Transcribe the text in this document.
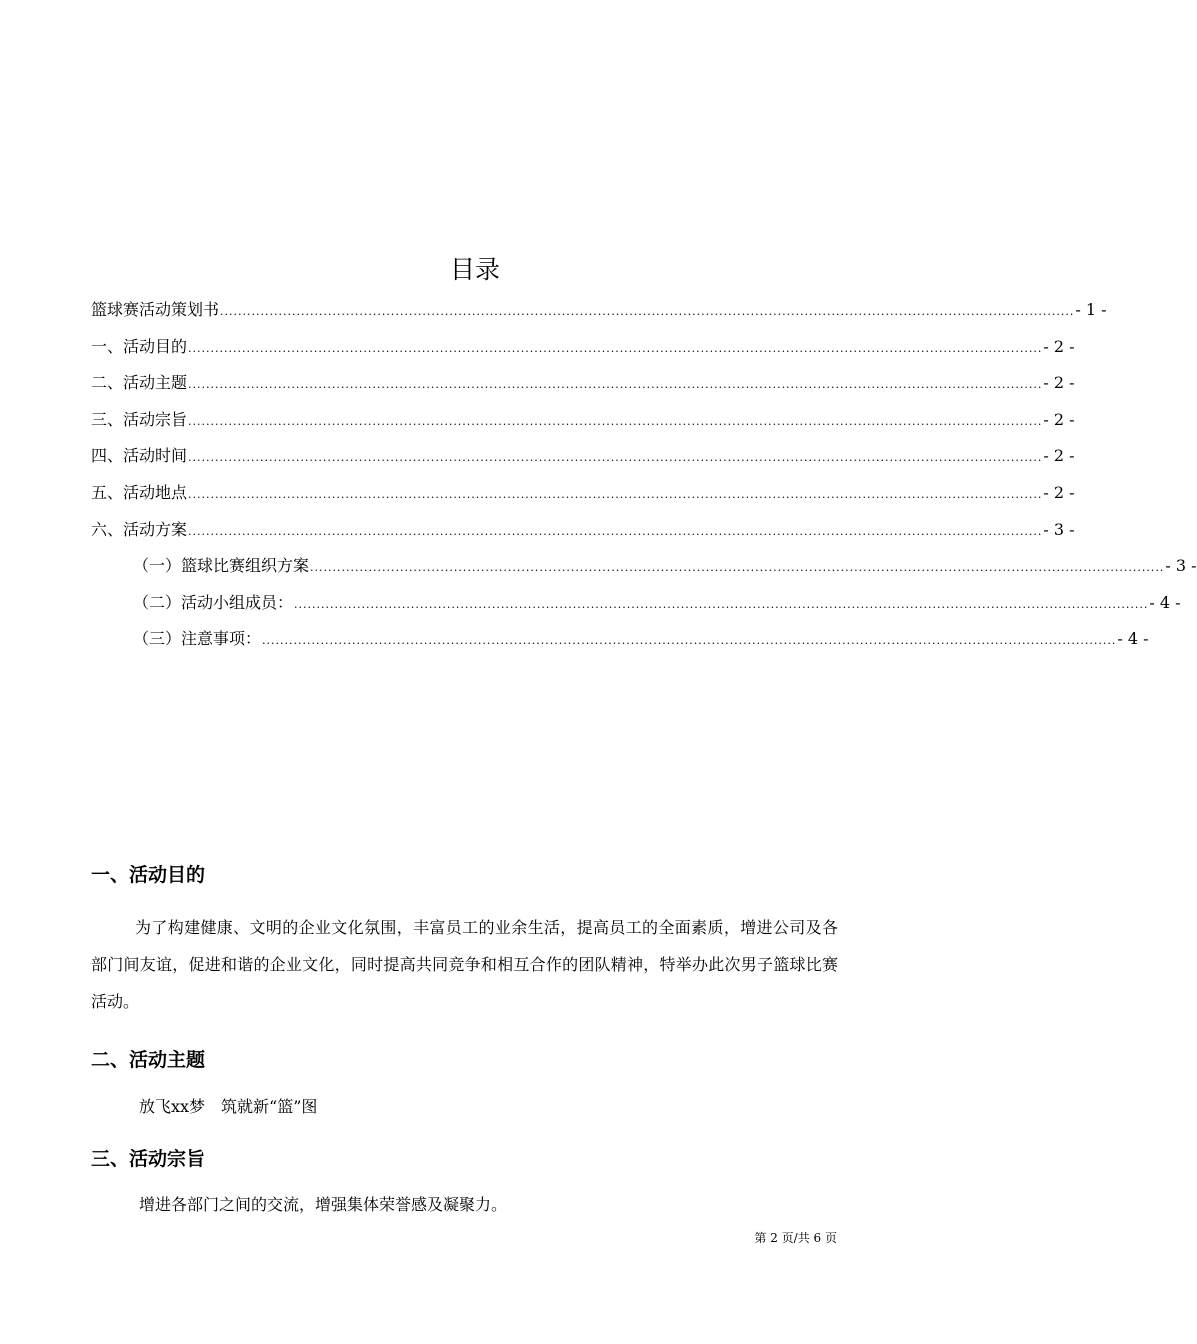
目录
篮球赛活动策划书 .............................................................................................................................................................................................. - 1 -
一、活动目的 .............................................................................................................................................................................................. - 2 -
二、活动主题 .............................................................................................................................................................................................. - 2 -
三、活动宗旨 .............................................................................................................................................................................................. - 2 -
四、活动时间 .............................................................................................................................................................................................. - 2 -
五、活动地点 .............................................................................................................................................................................................. - 2 -
六、活动方案 .............................................................................................................................................................................................. - 3 -
（一）篮球比赛组织方案 .............................................................................................................................................................................................. - 3 -
（二）活动小组成员： .............................................................................................................................................................................................. - 4 -
（三）注意事项： .............................................................................................................................................................................................. - 4 -
一、活动目的

为了构建健康、文明的企业文化氛围，丰富员工的业余生活，提高员工的全面素质，增进公司及各部门间友谊，促进和谐的企业文化，同时提高共同竞争和相互合作的团队精神，特举办此次男子篮球比赛活动。

二、活动主题

放飞xx梦　筑就新“篮”图

三、活动宗旨

增进各部门之间的交流，增强集体荣誉感及凝聚力。

第 2 页/共 6 页
